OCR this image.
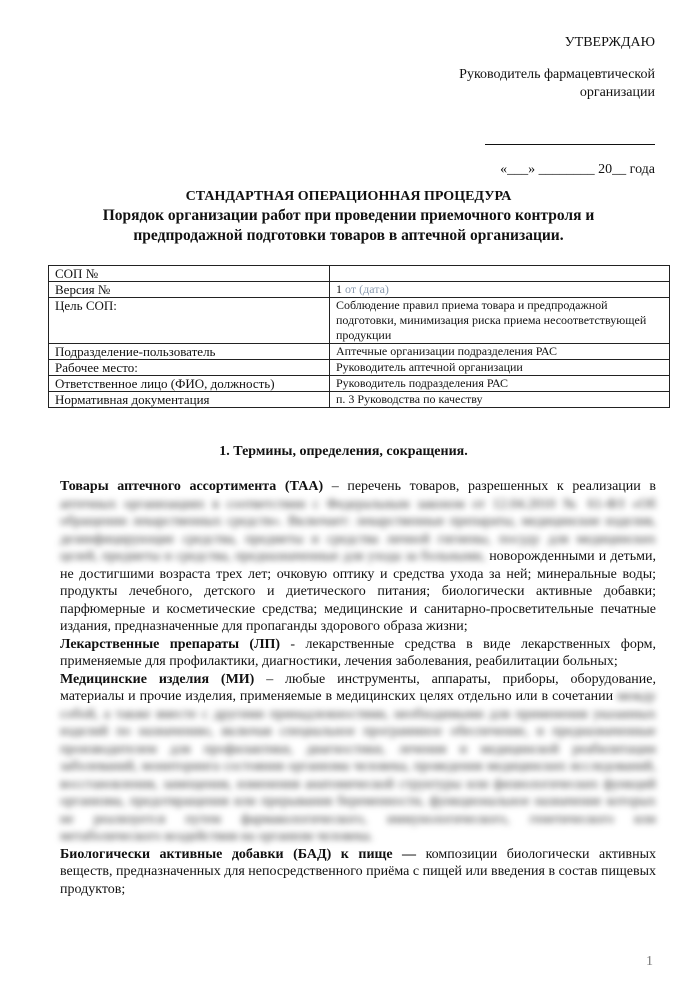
УТВЕРЖДАЮ
Руководитель фармацевтической
организации
«___» ________ 20__ года
СТАНДАРТНАЯ ОПЕРАЦИОННАЯ ПРОЦЕДУРА
Порядок организации работ при проведении приемочного контроля и
предпродажной подготовки товаров в аптечной организации.
СОП №	
Версия №	1 от (дата)
Цель СОП:	Соблюдение правил приема товара и предпродажной подготовки, минимизация риска приема несоответствующей продукции
Подразделение-пользователь	Аптечные организации подразделения РАС
Рабочее место:	Руководитель аптечной организации
Ответственное лицо (ФИО, должность)	Руководитель подразделения РАС
Нормативная документация	п. 3 Руководства по качеству
1. Термины, определения, сокращения.

Товары аптечного ассортимента (ТАА) – перечень товаров, разрешенных к реализации в аптечных организациях в соответствии с Федеральным законом от 12.04.2010 № 61-ФЗ «Об обращении лекарственных средств». Включает: лекарственные препараты, медицинские изделия, дезинфицирующие средства, предметы и средства личной гигиены, посуду для медицинских целей, предметы и средства, предназначенные для ухода за больными, новорожденными и детьми, не достигшими возраста трех лет; очковую оптику и средства ухода за ней; минеральные воды; продукты лечебного, детского и диетического питания; биологически активные добавки; парфюмерные и косметические средства; медицинские и санитарно-просветительные печатные издания, предназначенные для пропаганды здорового образа жизни;

Лекарственные препараты (ЛП) - лекарственные средства в виде лекарственных форм, применяемые для профилактики, диагностики, лечения заболевания, реабилитации больных;

Медицинские изделия (МИ) – любые инструменты, аппараты, приборы, оборудование, материалы и прочие изделия, применяемые в медицинских целях отдельно или в сочетании между собой, а также вместе с другими принадлежностями, необходимыми для применения указанных изделий по назначению, включая специальное программное обеспечение, и предназначенные производителем для профилактики, диагностики, лечения и медицинской реабилитации заболеваний, мониторинга состояния организма человека, проведения медицинских исследований, восстановления, замещения, изменения анатомической структуры или физиологических функций организма, предотвращения или прерывания беременности, функциональное назначение которых не реализуется путем фармакологического, иммунологического, генетического или метаболического воздействия на организм человека.

Биологически активные добавки (БАД) к пище — композиции биологически активных веществ, предназначенных для непосредственного приёма с пищей или введения в состав пищевых продуктов;

1
